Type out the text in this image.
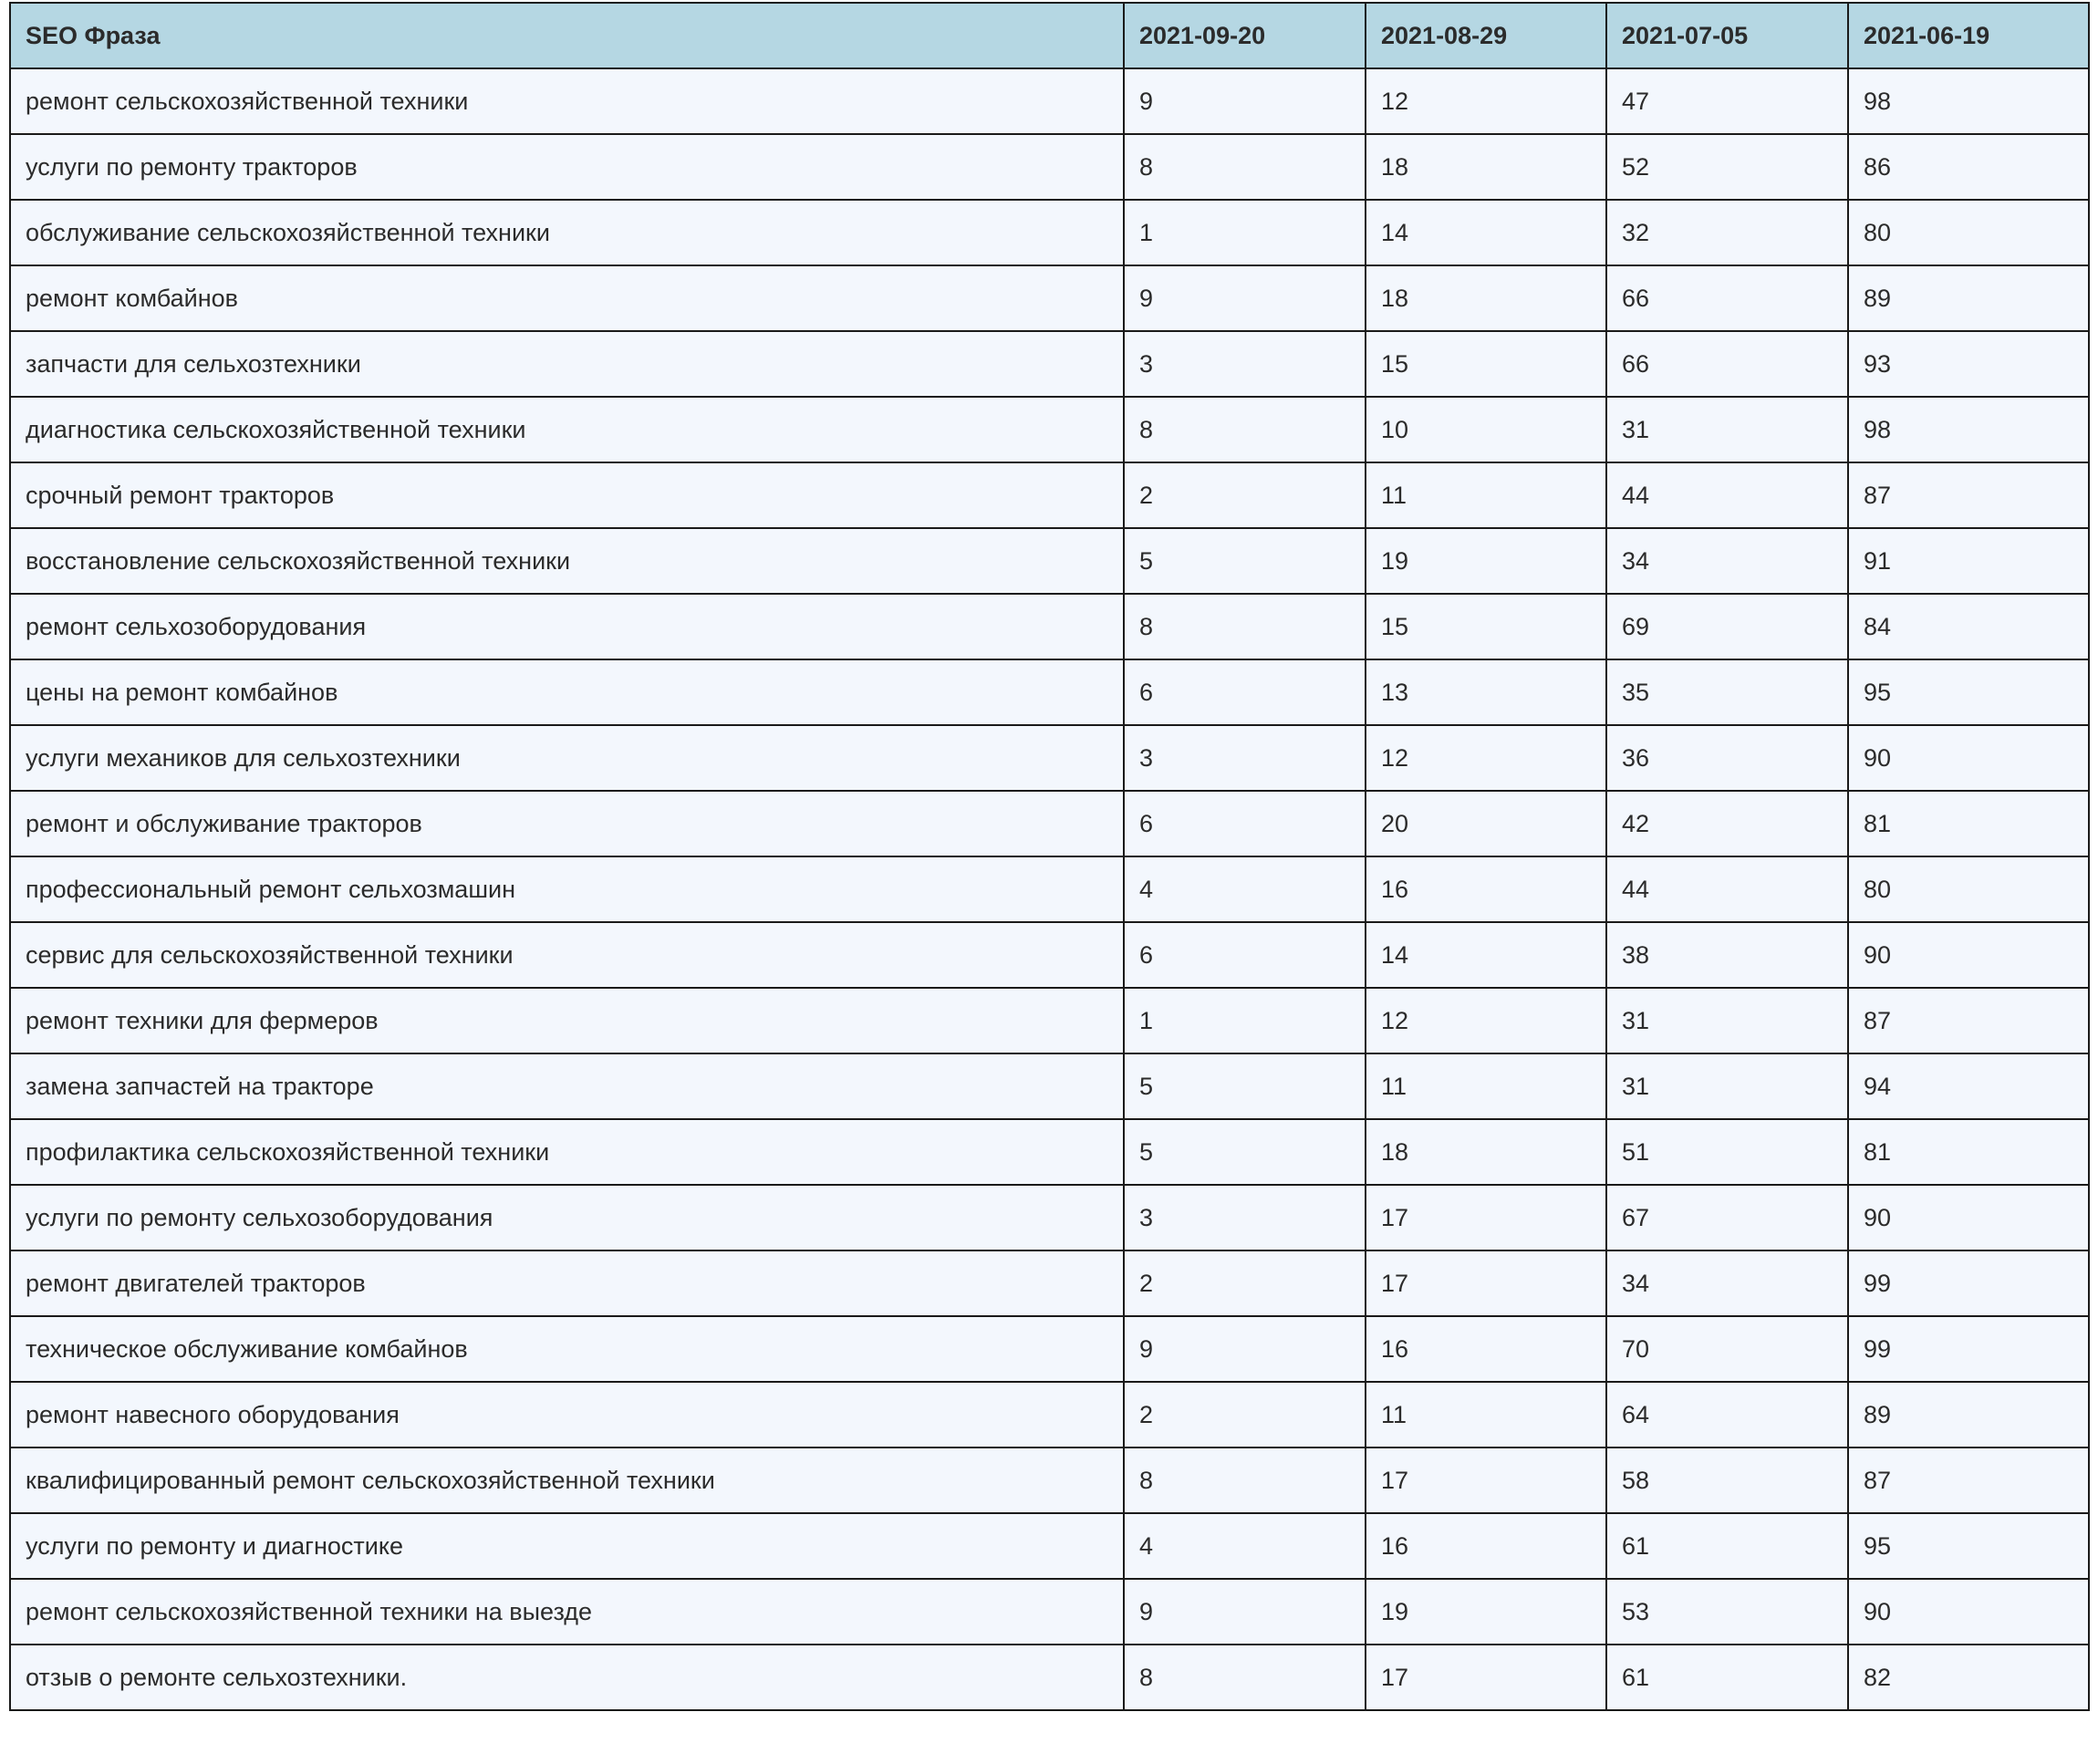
SEO Фраза	2021-09-20	2021-08-29	2021-07-05	2021-06-19
ремонт сельскохозяйственной техники	9	12	47	98
услуги по ремонту тракторов	8	18	52	86
обслуживание сельскохозяйственной техники	1	14	32	80
ремонт комбайнов	9	18	66	89
запчасти для сельхозтехники	3	15	66	93
диагностика сельскохозяйственной техники	8	10	31	98
срочный ремонт тракторов	2	11	44	87
восстановление сельскохозяйственной техники	5	19	34	91
ремонт сельхозоборудования	8	15	69	84
цены на ремонт комбайнов	6	13	35	95
услуги механиков для сельхозтехники	3	12	36	90
ремонт и обслуживание тракторов	6	20	42	81
профессиональный ремонт сельхозмашин	4	16	44	80
сервис для сельскохозяйственной техники	6	14	38	90
ремонт техники для фермеров	1	12	31	87
замена запчастей на тракторе	5	11	31	94
профилактика сельскохозяйственной техники	5	18	51	81
услуги по ремонту сельхозоборудования	3	17	67	90
ремонт двигателей тракторов	2	17	34	99
техническое обслуживание комбайнов	9	16	70	99
ремонт навесного оборудования	2	11	64	89
квалифицированный ремонт сельскохозяйственной техники	8	17	58	87
услуги по ремонту и диагностике	4	16	61	95
ремонт сельскохозяйственной техники на выезде	9	19	53	90
отзыв о ремонте сельхозтехники.	8	17	61	82
